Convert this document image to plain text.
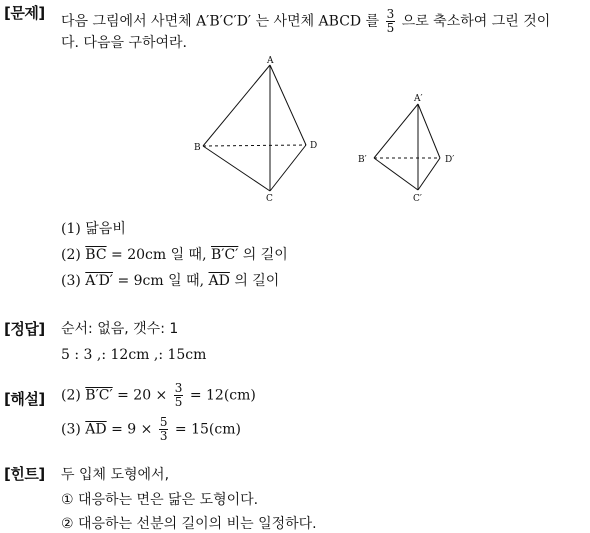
[문제] 다음 그림에서 사면체 A′B′C′D′ 는 사면체 ABCD 를 $\frac{3}{5}$ 으로 축소하여 그린 것이
다. 다음을 구하여라.
A
B
C
D
A′
B′
C′
D′
(1) 닮음비
(2) $\overline{BC} = 20cm$ 일 때, B′C′ 의 길이
(3) A′D′ = 9cm 일 때, $\overline{AD}$ 의 길이
[정답] 순서: 없음, 갯수: 1
5 : 3 ,: 12cm ,: 15cm
[해설] (2) $B'C' = 20 \times \frac{3}{5} = 12(cm)$
(3) $\overline{AD} = 9 \times \frac{5}{3} = 15(cm)$
[힌트] 두 입체 도형에서,
① 대응하는 면은 닮은 도형이다.
② 대응하는 선분의 길이의 비는 일정하다.
